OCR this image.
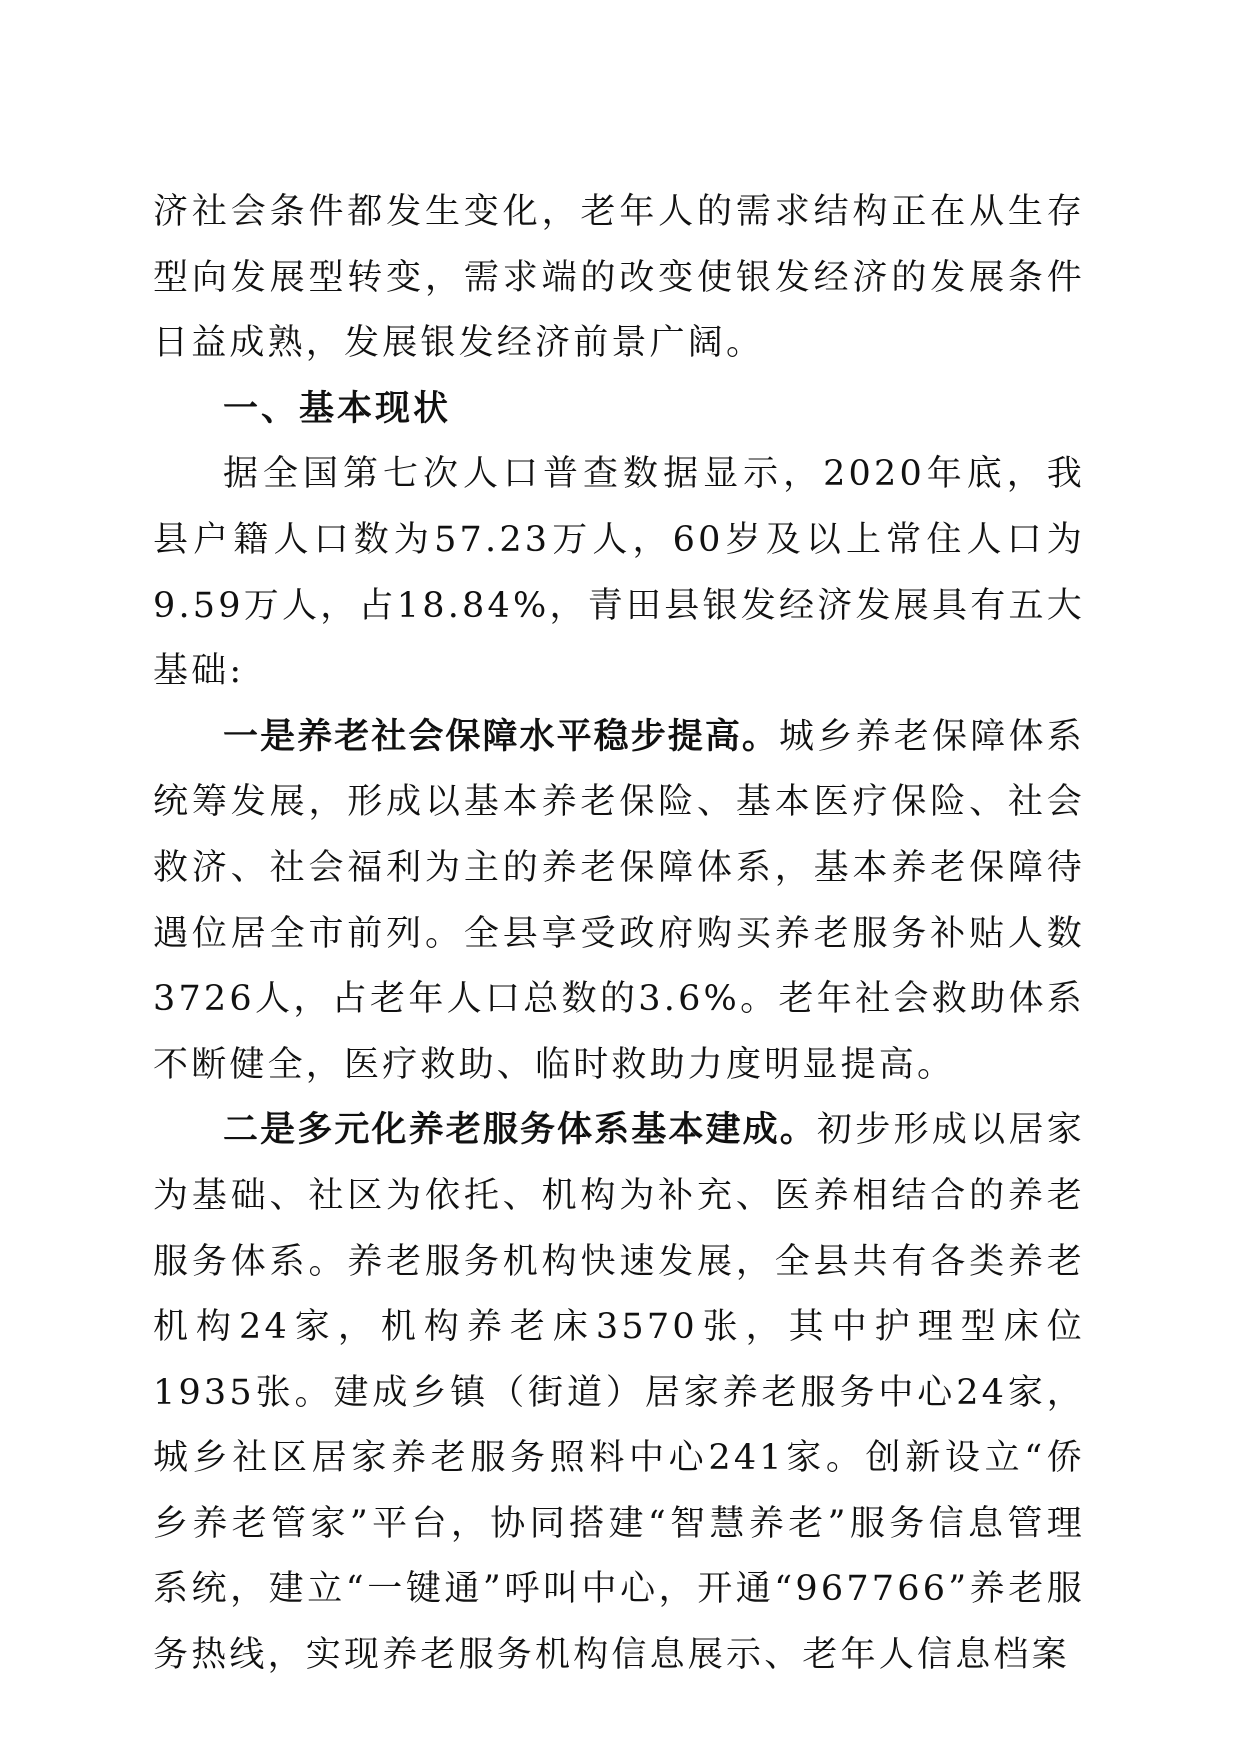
济社会条件都发生变化，老年人的需求结构正在从生存型向发展型转变，需求端的改变使银发经济的发展条件日益成熟，发展银发经济前景广阔。

一、基本现状

据全国第七次人口普查数据显示，2020年底，我县户籍人口数为57.23万人，60岁及以上常住人口为9.59万人，占18.84%，青田县银发经济发展具有五大基础:

一是养老社会保障水平稳步提高。城乡养老保障体系统筹发展，形成以基本养老保险、基本医疗保险、社会救济、社会福利为主的养老保障体系，基本养老保障待遇位居全市前列。全县享受政府购买养老服务补贴人数3726人，占老年人口总数的3.6%。老年社会救助体系不断健全，医疗救助、临时救助力度明显提高。

二是多元化养老服务体系基本建成。初步形成以居家为基础、社区为依托、机构为补充、医养相结合的养老服务体系。养老服务机构快速发展，全县共有各类养老机构24家，机构养老床3570张，其中护理型床位1935张。建成乡镇（街道）居家养老服务中心24家，城乡社区居家养老服务照料中心241家。创新设立“侨乡养老管家”平台，协同搭建“智慧养老”服务信息管理系统，建立“一键通”呼叫中心，开通“967766”养老服务热线，实现养老服务机构信息展示、老年人信息档案
